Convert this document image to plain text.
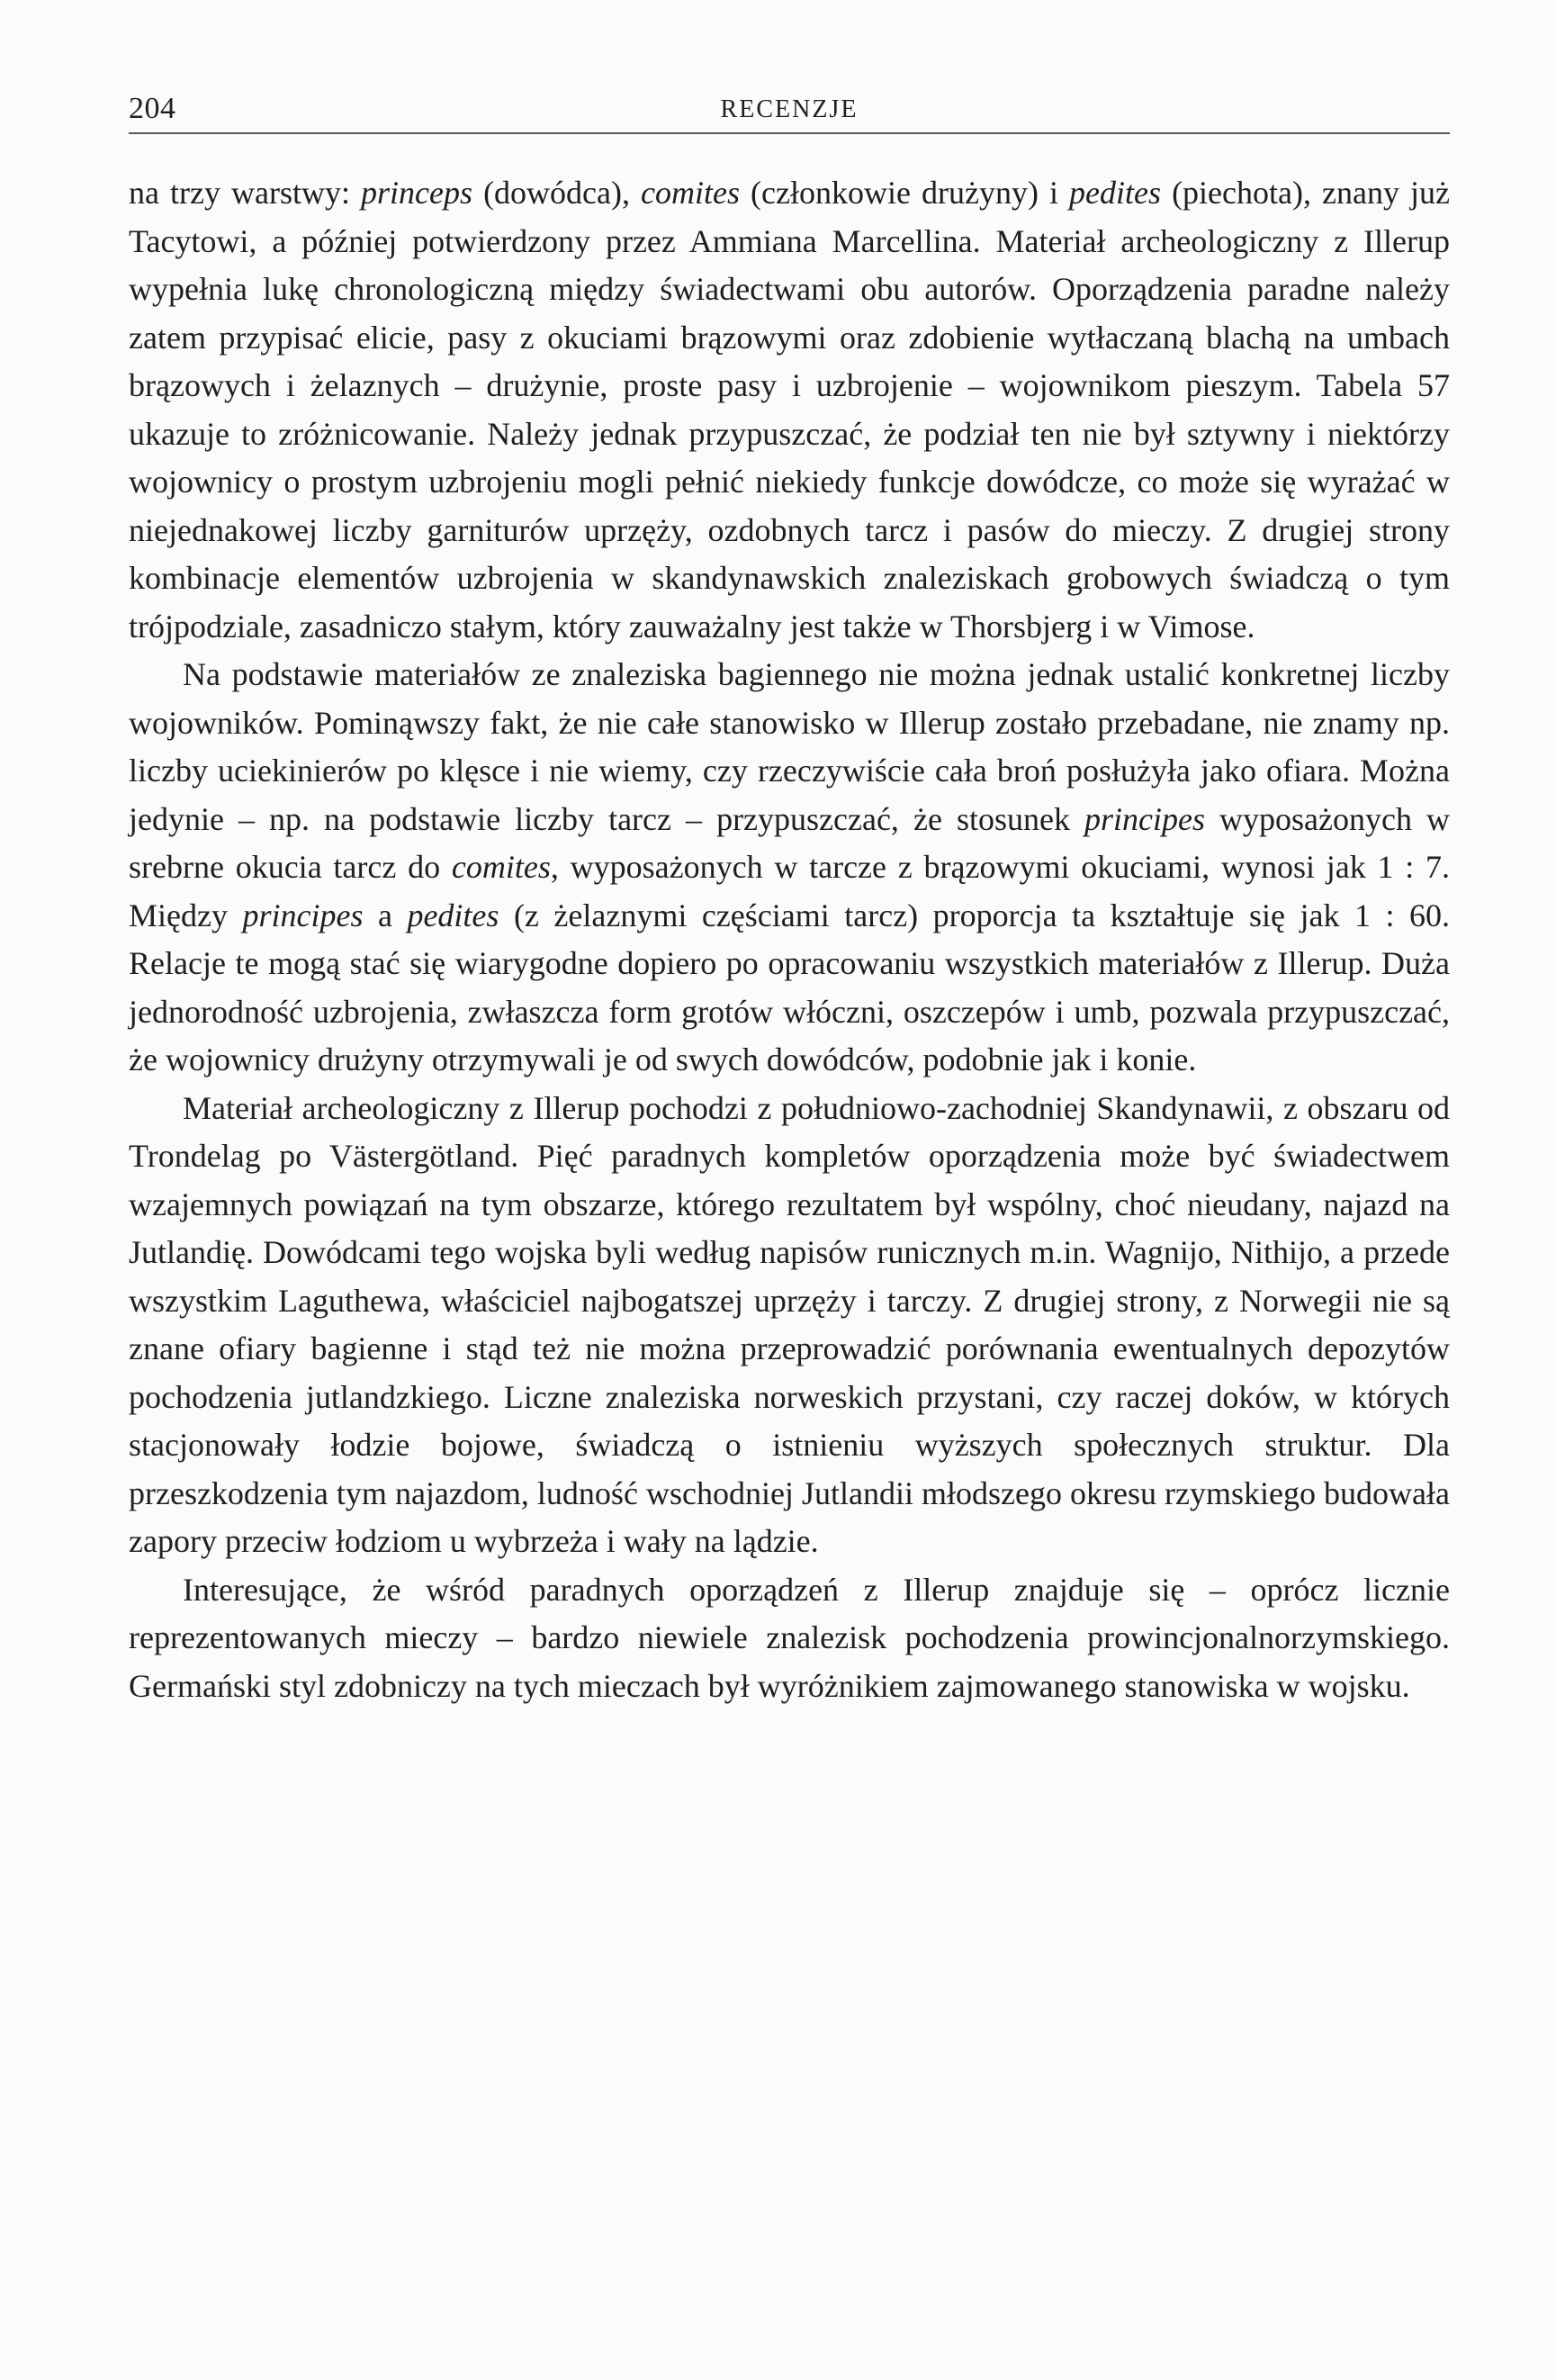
204	RECENZJE

na trzy warstwy: princeps (dowódca), comites (członkowie drużyny) i pedites (piechota), znany już Tacytowi, a później potwierdzony przez Ammiana Marcellina. Materiał archeologiczny z Illerup wypełnia lukę chronologiczną między świadectwami obu autorów. Oporządzenia paradne należy zatem przypisać elicie, pasy z okuciami brązowymi oraz zdobienie wytłaczaną blachą na umbach brązowych i żelaznych – drużynie, proste pasy i uzbrojenie – wojownikom pieszym. Tabela 57 ukazuje to zróżnicowanie. Należy jednak przypuszczać, że podział ten nie był sztywny i niektórzy wojownicy o prostym uzbrojeniu mogli pełnić niekiedy funkcje dowódcze, co może się wyrażać w niejednakowej liczby garniturów uprzęży, ozdobnych tarcz i pasów do mieczy. Z drugiej strony kombinacje elementów uzbrojenia w skandynawskich znaleziskach grobowych świadczą o tym trójpodziale, zasadniczo stałym, który zauważalny jest także w Thorsbjerg i w Vimose.

Na podstawie materiałów ze znaleziska bagiennego nie można jednak ustalić konkretnej liczby wojowników. Pominąwszy fakt, że nie całe stanowisko w Illerup zostało przebadane, nie znamy np. liczby uciekinierów po klęsce i nie wiemy, czy rzeczywiście cała broń posłużyła jako ofiara. Można jedynie – np. na podstawie liczby tarcz – przypuszczać, że stosunek principes wyposażonych w srebrne okucia tarcz do comites, wyposażonych w tarcze z brązowymi okuciami, wynosi jak 1 : 7. Między principes a pedites (z żelaznymi częściami tarcz) proporcja ta kształtuje się jak 1 : 60. Relacje te mogą stać się wiarygodne dopiero po opracowaniu wszystkich materiałów z Illerup. Duża jednorodność uzbrojenia, zwłaszcza form grotów włóczni, oszczepów i umb, pozwala przypuszczać, że wojownicy drużyny otrzymywali je od swych dowódców, podobnie jak i konie.

Materiał archeologiczny z Illerup pochodzi z południowo-zachodniej Skandynawii, z obszaru od Trondelag po Västergötland. Pięć paradnych kompletów oporządzenia może być świadectwem wzajemnych powiązań na tym obszarze, którego rezultatem był wspólny, choć nieudany, najazd na Jutlandię. Dowódcami tego wojska byli według napisów runicznych m.in. Wagnijo, Nithijo, a przede wszystkim Laguthewa, właściciel najbogatszej uprzęży i tarczy. Z drugiej strony, z Norwegii nie są znane ofiary bagienne i stąd też nie można przeprowadzić porównania ewentualnych depozytów pochodzenia jutlandzkiego. Liczne znaleziska norweskich przystani, czy raczej doków, w których stacjonowały łodzie bojowe, świadczą o istnieniu wyższych społecznych struktur. Dla przeszkodzenia tym najazdom, ludność wschodniej Jutlandii młodszego okresu rzymskiego budowała zapory przeciw łodziom u wybrzeża i wały na lądzie.

Interesujące, że wśród paradnych oporządzeń z Illerup znajduje się – oprócz licznie reprezentowanych mieczy – bardzo niewiele znalezisk pochodzenia prowincjonalnorzymskiego. Germański styl zdobniczy na tych mieczach był wyróżnikiem zajmowanego stanowiska w wojsku.
